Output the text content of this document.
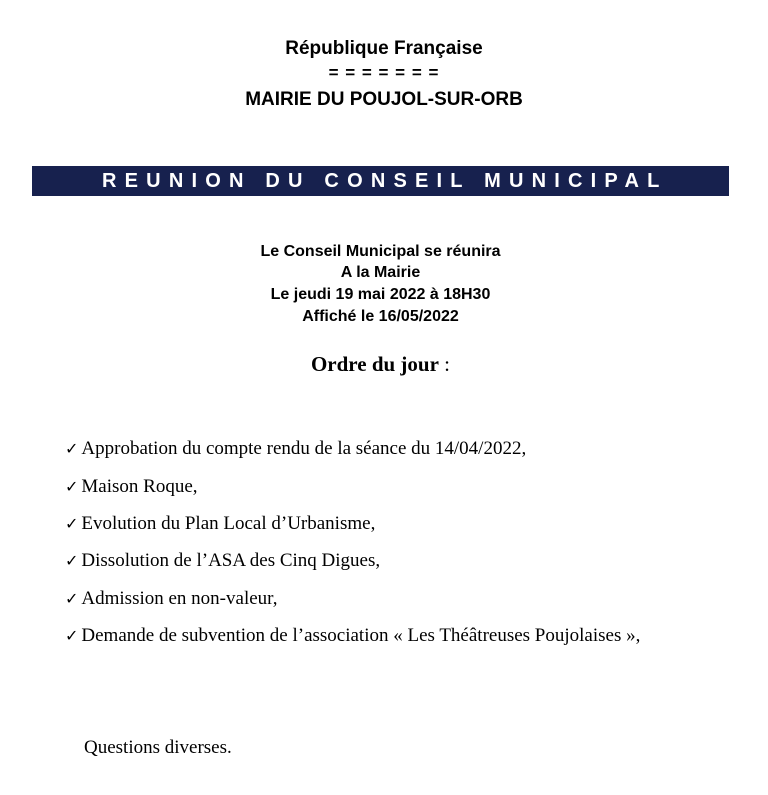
République Française
= = = = = = =
MAIRIE DU POUJOL-SUR-ORB
REUNION DU CONSEIL MUNICIPAL
Le Conseil Municipal se réunira
A la Mairie
Le jeudi 19 mai 2022 à 18H30
Affiché le 16/05/2022
Ordre du jour :
✓ Approbation du compte rendu de la séance du 14/04/2022,
✓ Maison Roque,
✓ Evolution du Plan Local d’Urbanisme,
✓ Dissolution de l’ASA des Cinq Digues,
✓ Admission en non-valeur,
✓ Demande de subvention de l’association « Les Théâtreuses Poujolaises »,
Questions diverses.
